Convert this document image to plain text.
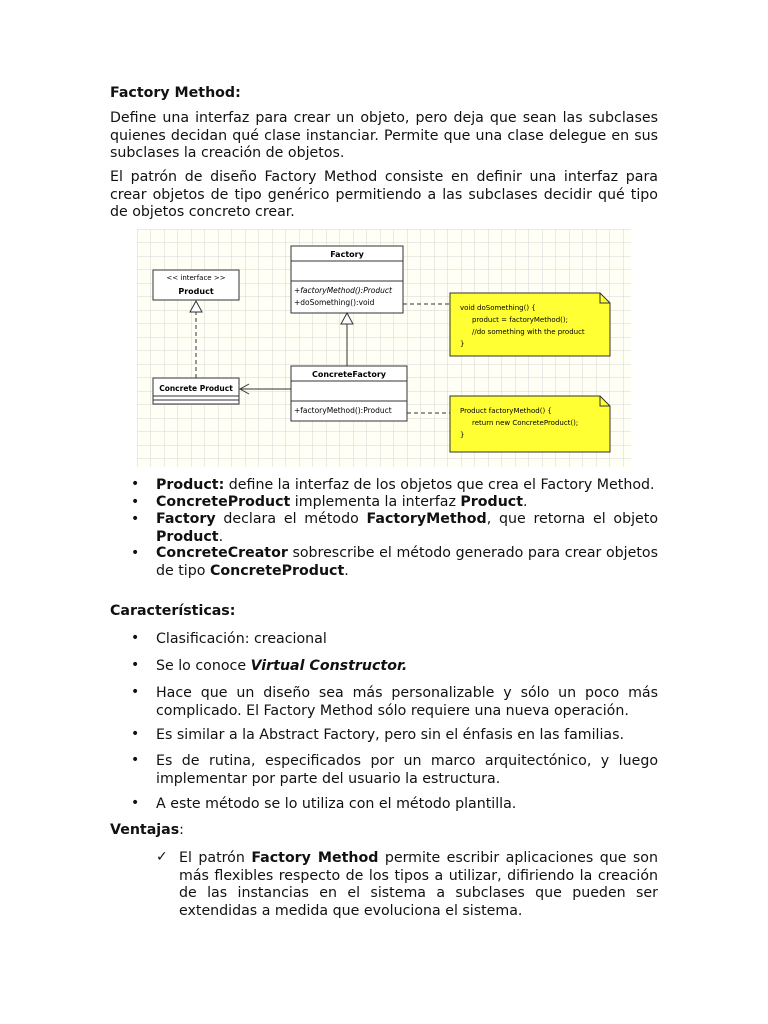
Factory Method:
Define una interfaz para crear un objeto, pero deja que sean las subclases quienes decidan qué clase instanciar. Permite que una clase delegue en sus subclases la creación de objetos.
El patrón de diseño Factory Method consiste en definir una interfaz para crear objetos de tipo genérico permitiendo a las subclases decidir qué tipo de objetos concreto crear.
Factory
+factoryMethod():Product
+doSomething():void
<< interface >>
Product
Concrete Product
ConcreteFactory
+factoryMethod():Product
void doSomething() {
product = factoryMethod();
//do something with the product
}
Product factoryMethod() {
return new ConcreteProduct();
}
• Product: define la interfaz de los objetos que crea el Factory Method.
• ConcreteProduct implementa la interfaz Product.
• Factory declara el método FactoryMethod, que retorna el objeto Product.
• ConcreteCreator sobrescribe el método generado para crear objetos de tipo ConcreteProduct.
Características:
• Clasificación: creacional
• Se lo conoce Virtual Constructor.
• Hace que un diseño sea más personalizable y sólo un poco más complicado. El Factory Method sólo requiere una nueva operación.
• Es similar a la Abstract Factory, pero sin el énfasis en las familias.
• Es de rutina, especificados por un marco arquitectónico, y luego implementar por parte del usuario la estructura.
• A este método se lo utiliza con el método plantilla.
Ventajas:
✓ El patrón Factory Method permite escribir aplicaciones que son más flexibles respecto de los tipos a utilizar, difiriendo la creación de las instancias en el sistema a subclases que pueden ser extendidas a medida que evoluciona el sistema.
